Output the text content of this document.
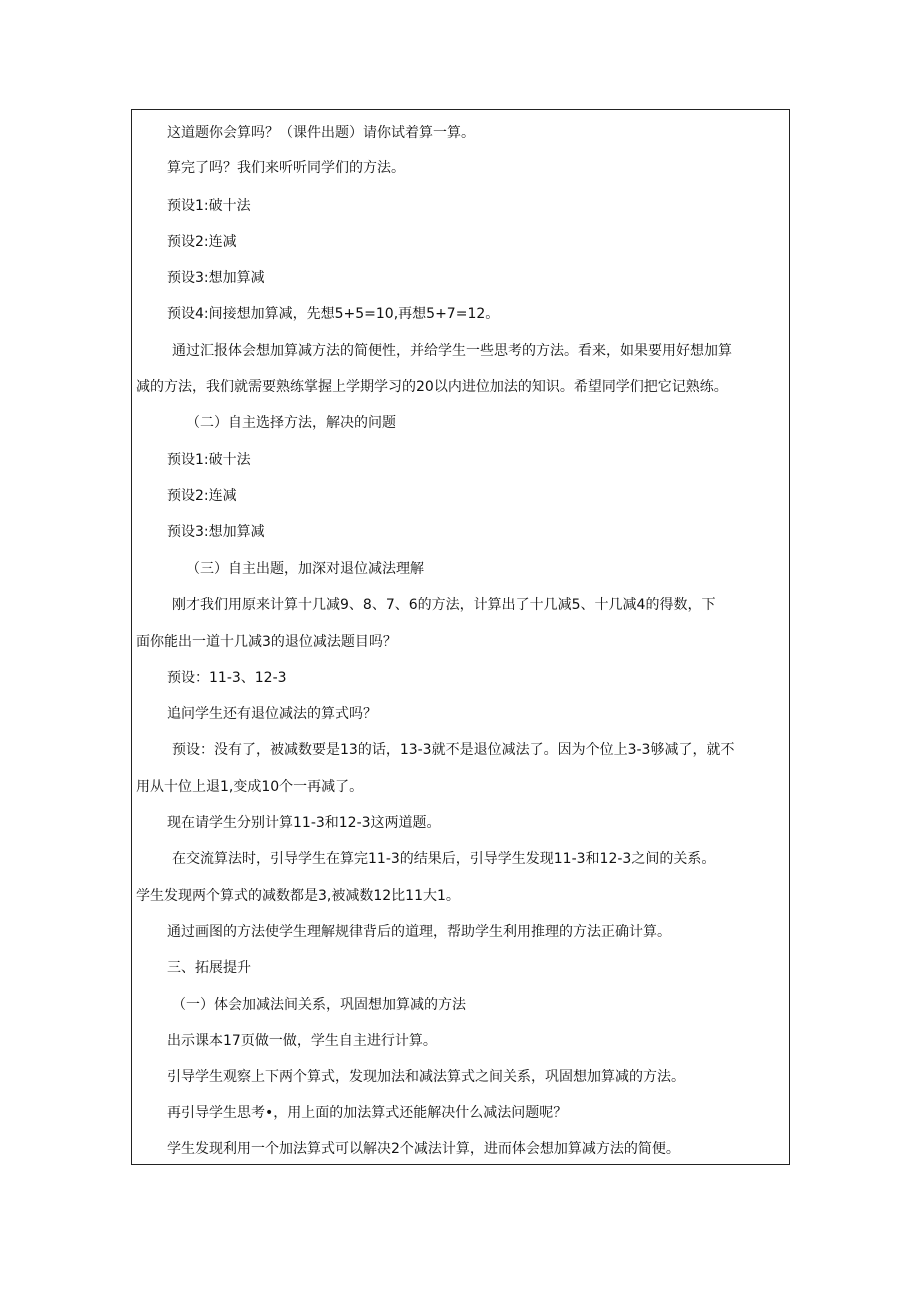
这道题你会算吗？（课件出题）请你试着算一算。
算完了吗？我们来听听同学们的方法。
预设1:破十法
预设2:连减
预设3:想加算减
预设4:间接想加算减，先想5+5=10,再想5+7=12。
通过汇报体会想加算减方法的简便性，并给学生一些思考的方法。看来，如果要用好想加算
减的方法，我们就需要熟练掌握上学期学习的20以内进位加法的知识。希望同学们把它记熟练。
（二）自主选择方法，解决的问题
预设1:破十法
预设2:连减
预设3:想加算减
（三）自主出题，加深对退位减法理解
刚才我们用原来计算十几减9、8、7、6的方法，计算出了十几减5、十几减4的得数，下
面你能出一道十几减3的退位减法题目吗？
预设：11-3、12-3
追问学生还有退位减法的算式吗？
预设：没有了，被减数要是13的话，13-3就不是退位减法了。因为个位上3-3够减了，就不
用从十位上退1,变成10个一再减了。
现在请学生分别计算11-3和12-3这两道题。
在交流算法时，引导学生在算完11-3的结果后，引导学生发现11-3和12-3之间的关系。
学生发现两个算式的减数都是3,被减数12比11大1。
通过画图的方法使学生理解规律背后的道理，帮助学生利用推理的方法正确计算。
三、拓展提升
（一）体会加减法间关系，巩固想加算减的方法
出示课本17页做一做，学生自主进行计算。
引导学生观察上下两个算式，发现加法和减法算式之间关系，巩固想加算减的方法。
再引导学生思考•，用上面的加法算式还能解决什么减法问题呢？
学生发现利用一个加法算式可以解决2个减法计算，进而体会想加算减方法的简便。
